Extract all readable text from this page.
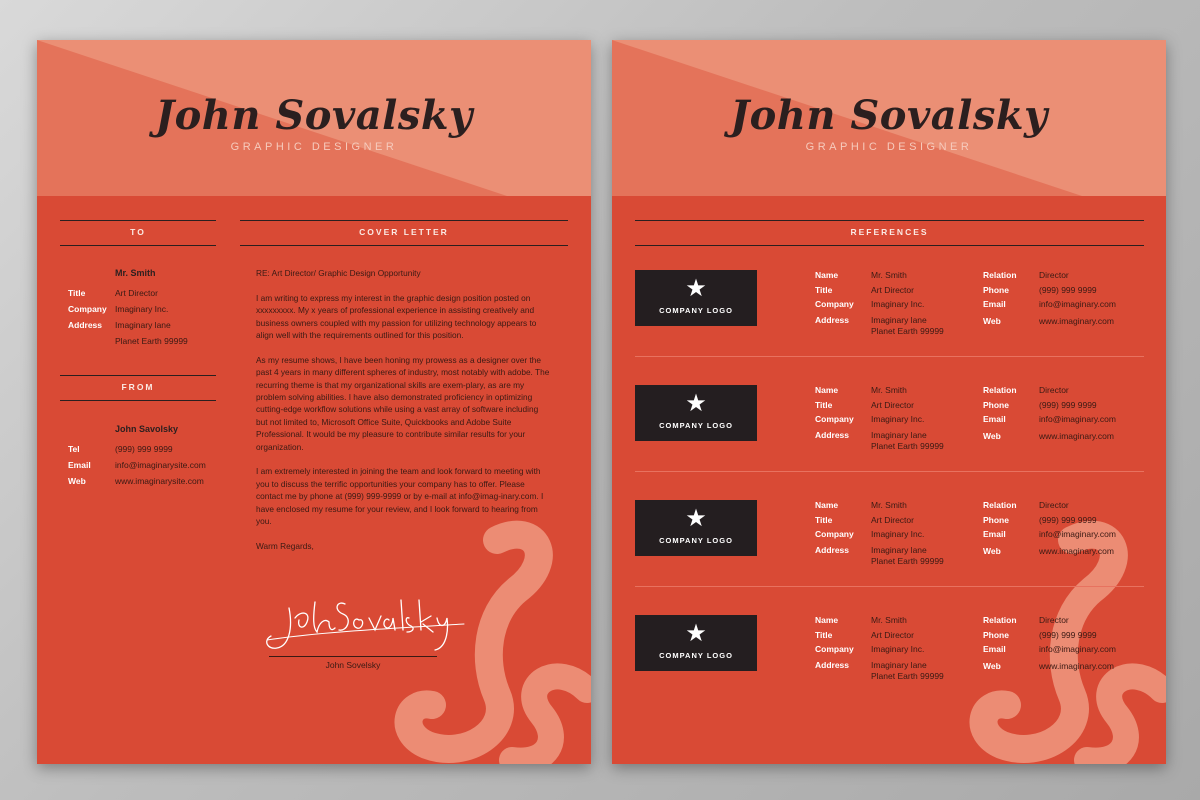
John Sovalsky
GRAPHIC DESIGNER
TO	COVER LETTER
Mr. Smith
Title	Art Director
Company Imaginary Inc.
Address	Imaginary lane
Planet Earth 99999
FROM
John Savolsky
Tel	(999) 999 9999
Email	info@imaginarysite.com
Web	www.imaginarysite.com

RE: Art Director/ Graphic Design Opportunity

I am writing to express my interest in the graphic design position posted on xxxxxxxxx. My x years of professional experience in assisting creatively and business owners coupled with my passion for utilizing technology appears to align well with the requirements outlined for this position.

As my resume shows, I have been honing my prowess as a designer over the past 4 years in many different spheres of industry, most notably with adobe. The recurring theme is that my organizational skills are exem-plary, as are my problem solving abilities. I have also demonstrated proficiency in optimizing cutting-edge workflow solutions while using a vast array of software including but not limited to, Microsoft Office Suite, Quickbooks and Adobe Suite Professional. It would be my pleasure to contribute similar results for your organization.

I am extremely interested in joining the team and look forward to meeting with you to discuss the terrific opportunities your company has to offer. Please contact me by phone at (999) 999-9999 or by e-mail at info@imag-inary.com. I have enclosed my resume for your review, and I look forward to hearing from you.

Warm Regards,

John Sovelsky
John Sovalsky
GRAPHIC DESIGNER
REFERENCES
★
COMPANY LOGO
Name	Mr. Smith
Title	Art Director
Company	Imaginary Inc.
Address	Imaginary lane
Planet Earth 99999
Relation	Director
Phone	(999) 999 9999
Email	info@imaginary.com
Web	www.imaginary.com
★
COMPANY LOGO
Name	Mr. Smith
Title	Art Director
Company	Imaginary Inc.
Address	Imaginary lane
Planet Earth 99999
Relation	Director
Phone	(999) 999 9999
Email	info@imaginary.com
Web	www.imaginary.com
★
COMPANY LOGO
Name	Mr. Smith
Title	Art Director
Company	Imaginary Inc.
Address	Imaginary lane
Planet Earth 99999
Relation	Director
Phone	(999) 999 9999
Email	info@imaginary.com
Web	www.imaginary.com
★
COMPANY LOGO
Name	Mr. Smith
Title	Art Director
Company	Imaginary Inc.
Address	Imaginary lane
Planet Earth 99999
Relation	Director
Phone	(999) 999 9999
Email	info@imaginary.com
Web	www.imaginary.com
